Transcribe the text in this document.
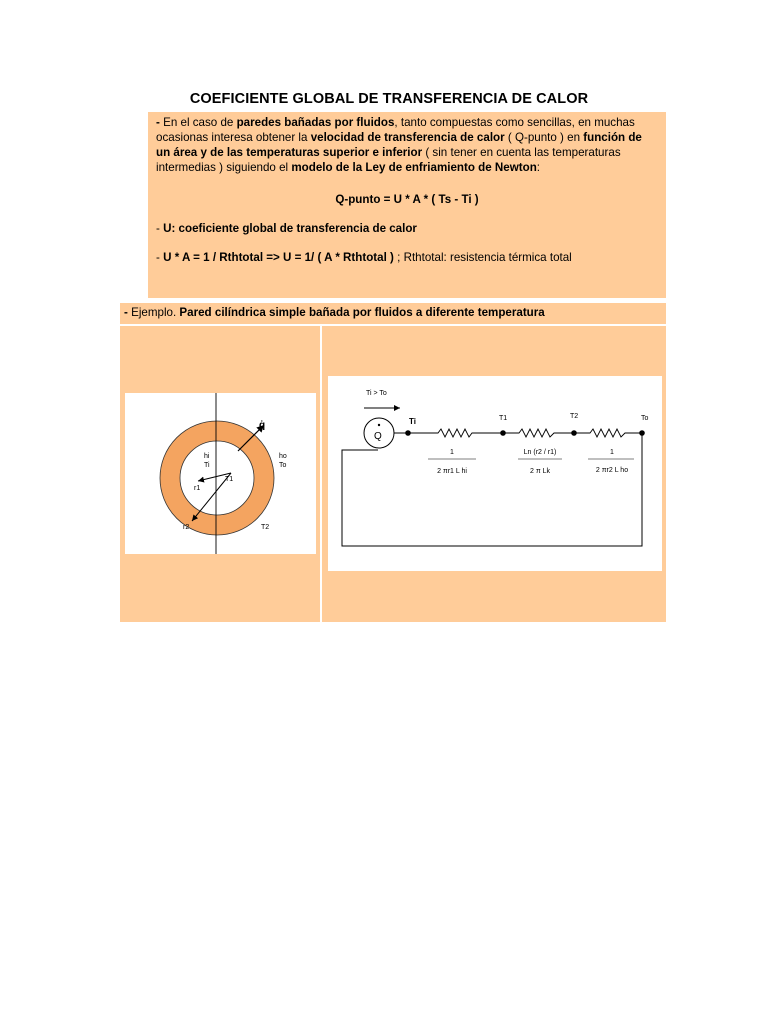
COEFICIENTE GLOBAL DE TRANSFERENCIA DE CALOR

- En el caso de paredes bañadas por fluidos, tanto compuestas como sencillas, en muchas ocasionas interesa obtener la velocidad de transferencia de calor ( Q-punto ) en función de un área y de las temperaturas superior e inferior ( sin tener en cuenta las temperaturas intermedias ) siguiendo el modelo de la Ley de enfriamiento de Newton:

Q-punto = U * A * ( Ts - Ti )

- U: coeficiente global de transferencia de calor

- U * A = 1 / Rthtotal => U = 1/ ( A * Rthtotal ) ; Rthtotal: resistencia térmica total

- Ejemplo. Pared cilíndrica simple bañada por fluidos a diferente temperatura
q̇
hi
Ti
r1
T1
ho
To
r2	T2
Ti > To
Q
Ti	T1	T2	To
1
2 πr1 L hi
Ln (r2 / r1)
2 π Lk
1
2 πr2 L ho
